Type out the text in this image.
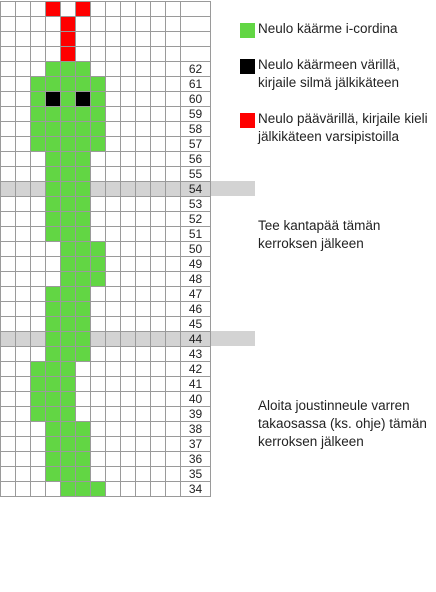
62
61
60
59
58
57
56
55
54
53
52
51
50
49
48
47
46
45
44
43
42
41
40
39
38
37
36
35
34
Neulo käärme i-cordina
Neulo käärmeen värillä, kirjaile silmä jälkikäteen
Neulo päävärillä, kirjaile kieli jälkikäteen varsipistoilla
Tee kantapää tämän kerroksen jälkeen
Aloita joustinneule varren takaosassa (ks. ohje) tämän kerroksen jälkeen
